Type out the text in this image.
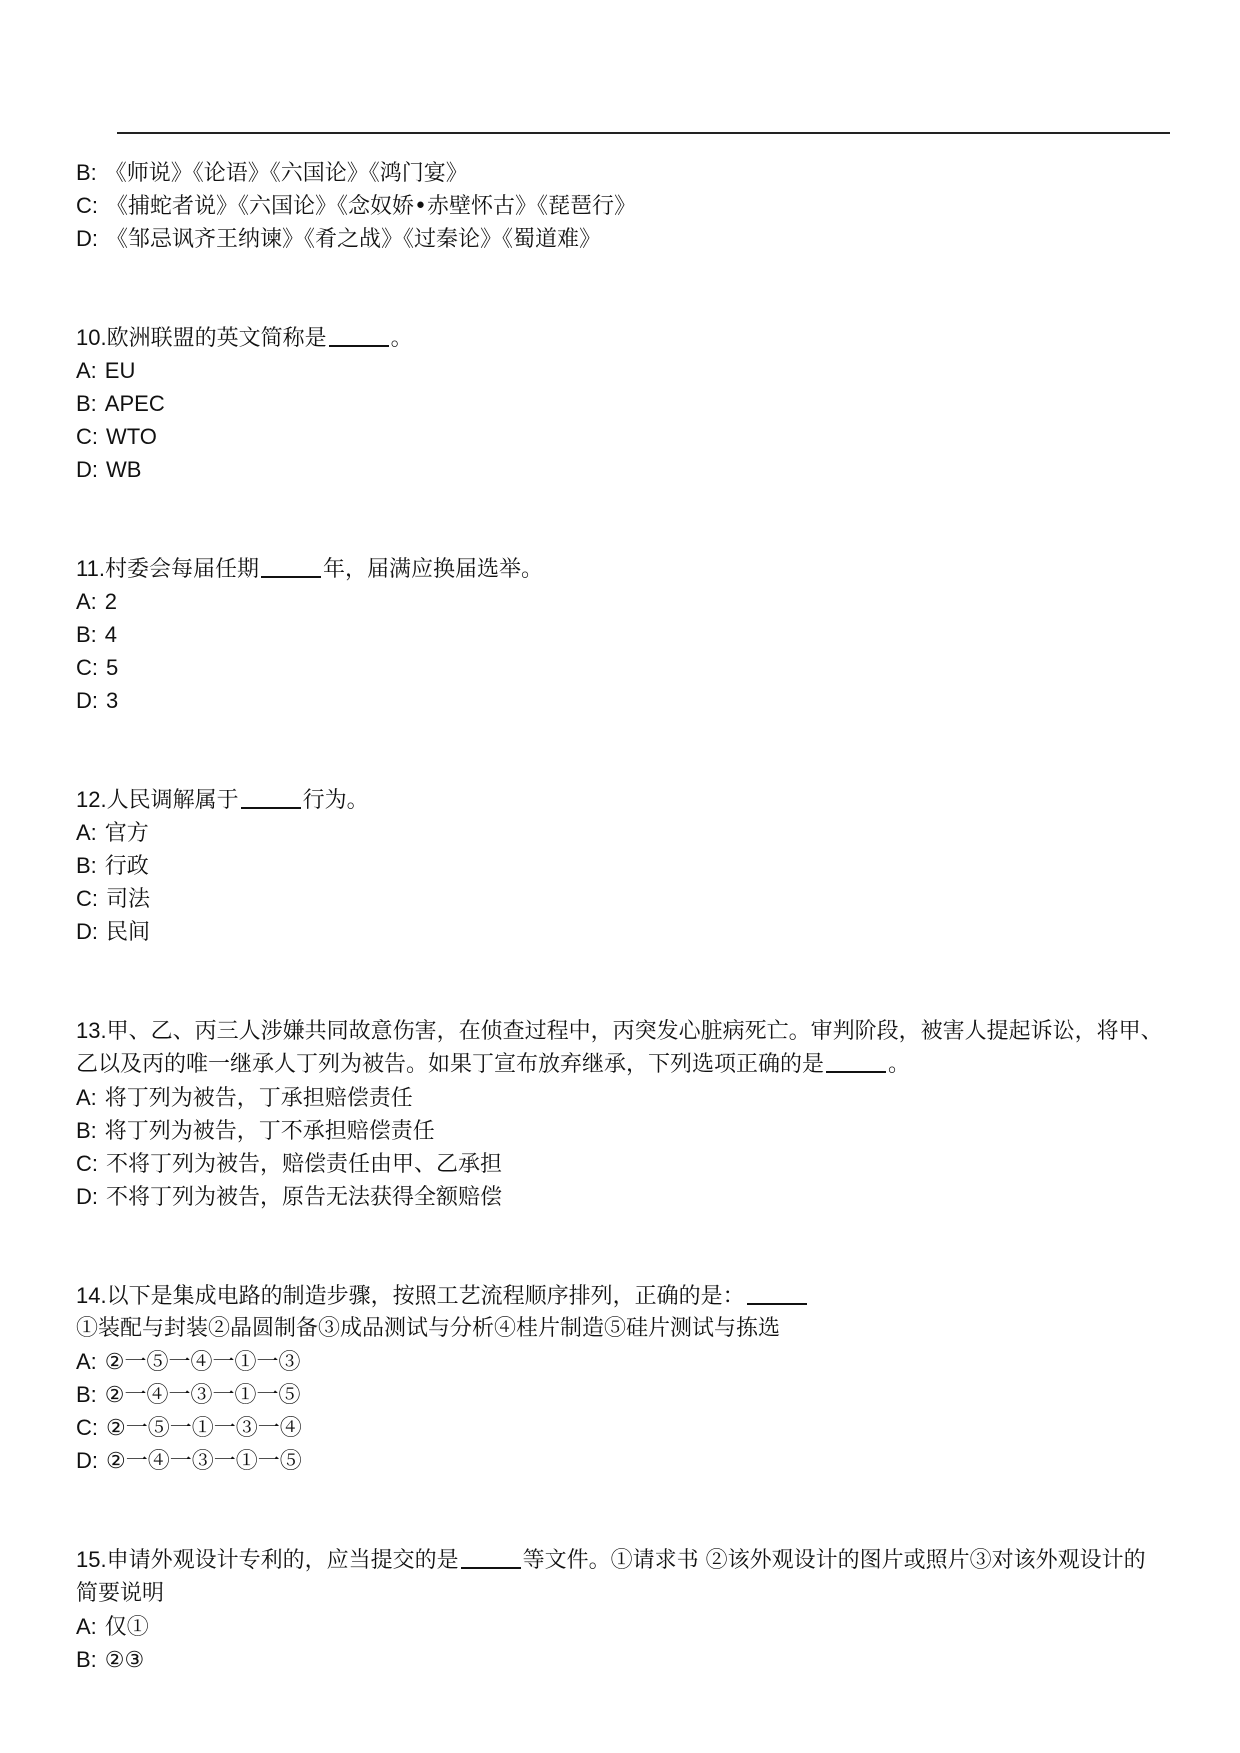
B: 《师说》《论语》《六国论》《鸿门宴》
C: 《捕蛇者说》《六国论》《念奴娇•赤壁怀古》《琵琶行》
D: 《邹忌讽齐王纳谏》《肴之战》《过秦论》《蜀道难》
10.欧洲联盟的英文简称是	。
A: EU
B: APEC
C: WTO
D: WB
11.村委会每届任期	年，届满应换届选举。
A: 2
B: 4
C: 5
D: 3
12.人民调解属于	行为。
A: 官方
B: 行政
C: 司法
D: 民间
13.甲、乙、丙三人涉嫌共同故意伤害，在侦查过程中，丙突发心脏病死亡。审判阶段，被害人提起诉讼，将甲、乙以及丙的唯一继承人丁列为被告。如果丁宣布放弃继承，下列选项正确的是	。
A: 将丁列为被告，丁承担赔偿责任
B: 将丁列为被告，丁不承担赔偿责任
C: 不将丁列为被告，赔偿责任由甲、乙承担
D: 不将丁列为被告，原告无法获得全额赔偿
14.以下是集成电路的制造步骤，按照工艺流程顺序排列，正确的是：
①装配与封装②晶圆制备③成品测试与分析④桂片制造⑤硅片测试与拣选
A: ②一⑤一④一①一③
B: ②一④一③一①一⑤
C: ②一⑤一①一③一④
D: ②一④一③一①一⑤
15.申请外观设计专利的，应当提交的是	等文件。①请求书 ②该外观设计的图片或照片③对该外观设计的简要说明
A: 仅①
B: ②③
